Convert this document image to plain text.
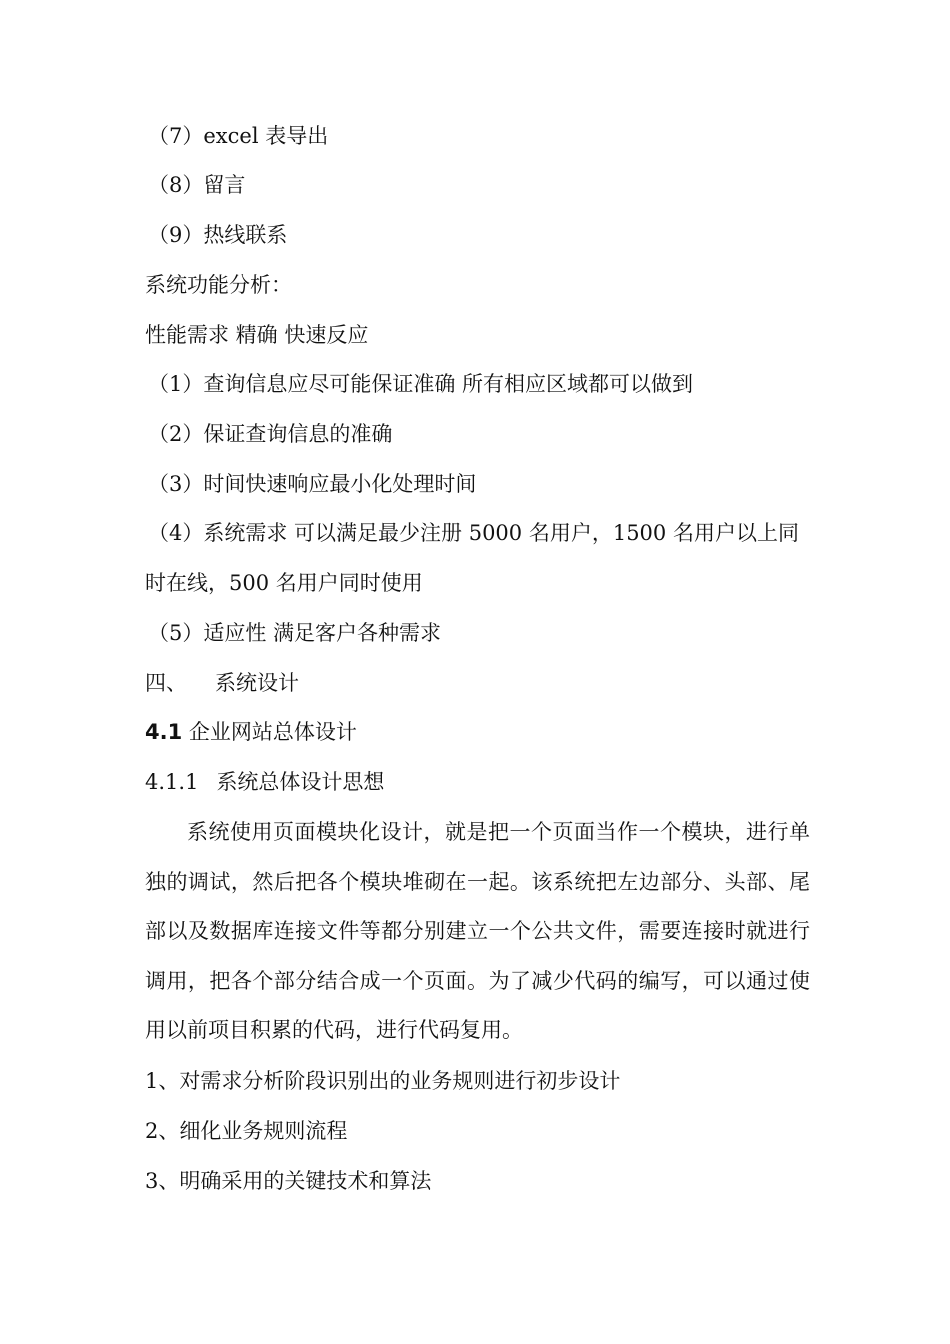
（7）excel 表导出
（8）留言
（9）热线联系
系统功能分析：
性能需求 精确 快速反应
（1）查询信息应尽可能保证准确 所有相应区域都可以做到
（2）保证查询信息的准确
（3）时间快速响应最小化处理时间
（4）系统需求 可以满足最少注册 5000 名用户，1500 名用户以上同
时在线，500 名用户同时使用
（5）适应性 满足客户各种需求
四、 系统设计
4.1 企业网站总体设计
4.1.1 系统总体设计思想
系统使用页面模块化设计，就是把一个页面当作一个模块，进行单独的调试，然后把各个模块堆砌在一起。该系统把左边部分、头部、尾部以及数据库连接文件等都分别建立一个公共文件，需要连接时就进行调用，把各个部分结合成一个页面。为了减少代码的编写，可以通过使用以前项目积累的代码，进行代码复用。
1、对需求分析阶段识别出的业务规则进行初步设计
2、细化业务规则流程
3、明确采用的关键技术和算法
